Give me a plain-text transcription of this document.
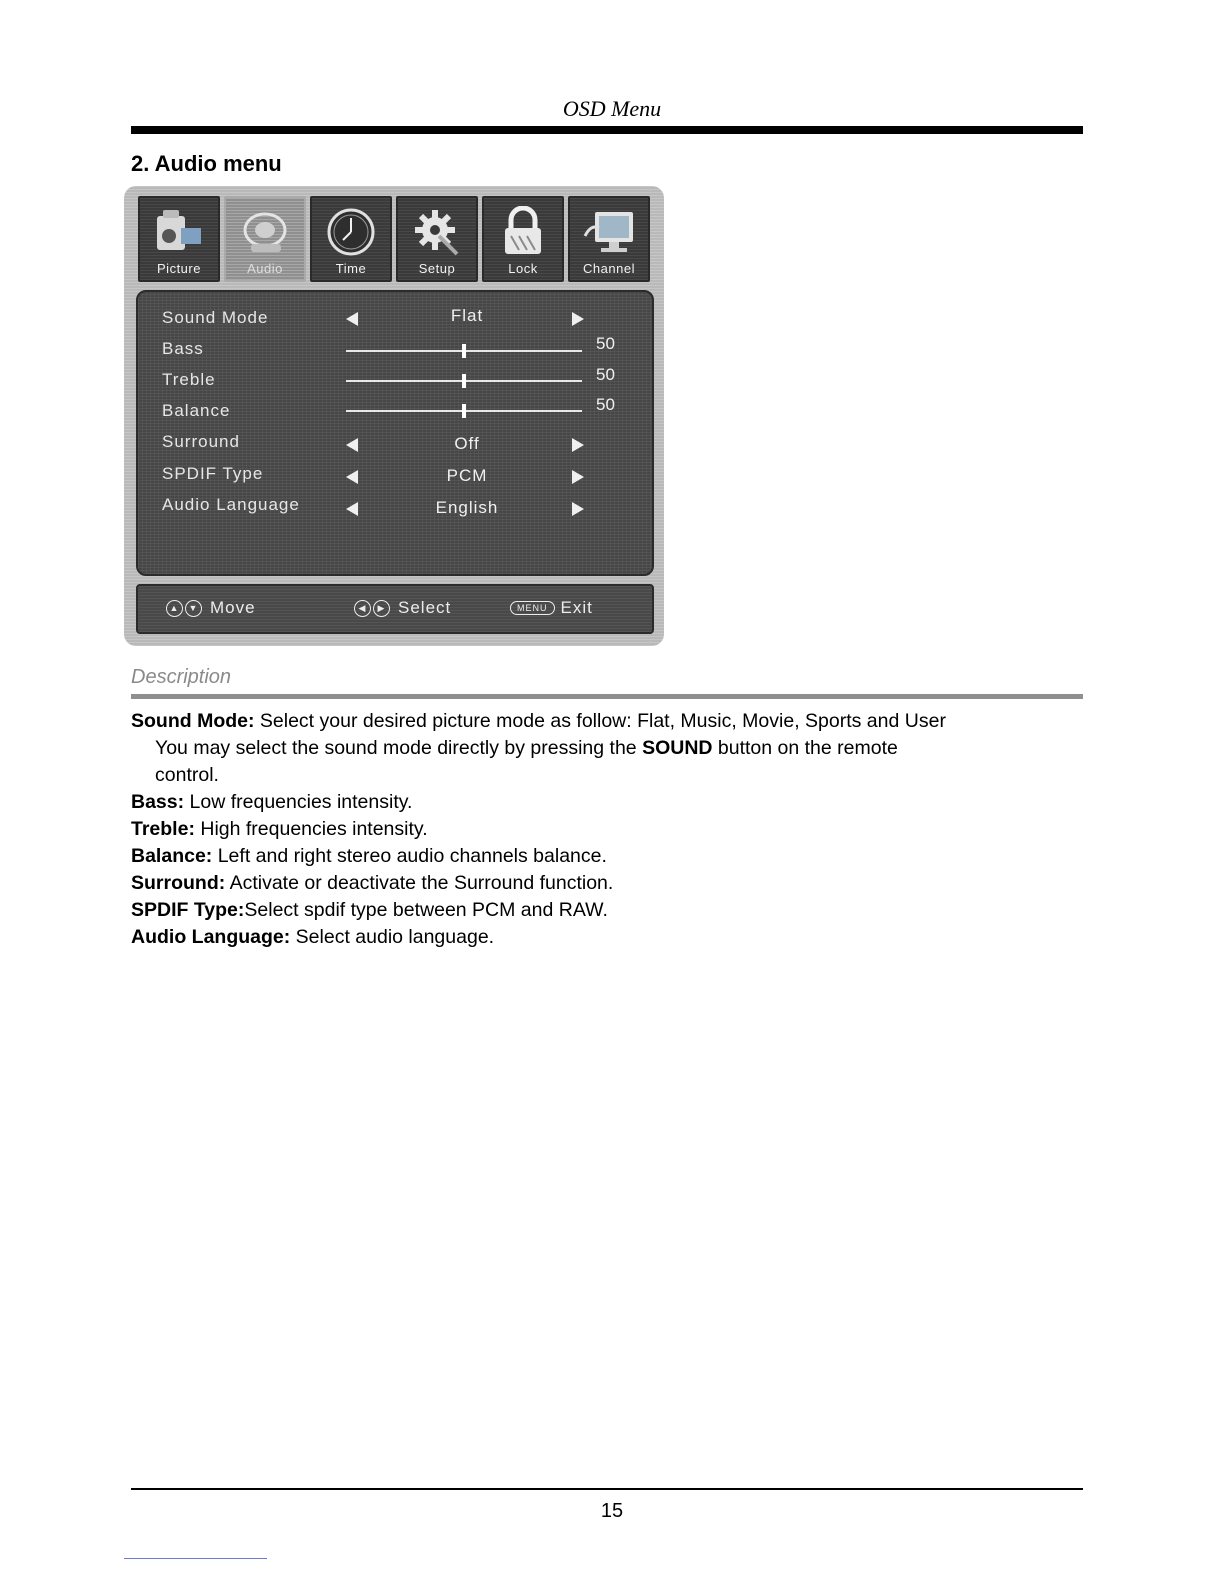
OSD Menu
2. Audio menu
Picture	Audio	Time	Setup	Lock	Channel
Sound Mode	Flat
Bass	50
Treble	50
Balance	50
Surround	Off
SPDIF Type	PCM
Audio Language	English
▲	▼ Move	◀	▶ Select	MENU Exit
Description
Sound Mode: Select your desired picture mode as follow: Flat, Music, Movie, Sports and User
You may select the sound mode directly by pressing the SOUND button on the remote
control.
Bass: Low frequencies intensity.
Treble: High frequencies intensity.
Balance: Left and right stereo audio channels balance.
Surround: Activate or deactivate the Surround function.
SPDIF Type:Select spdif type between PCM and RAW.
Audio Language: Select audio language.
15
